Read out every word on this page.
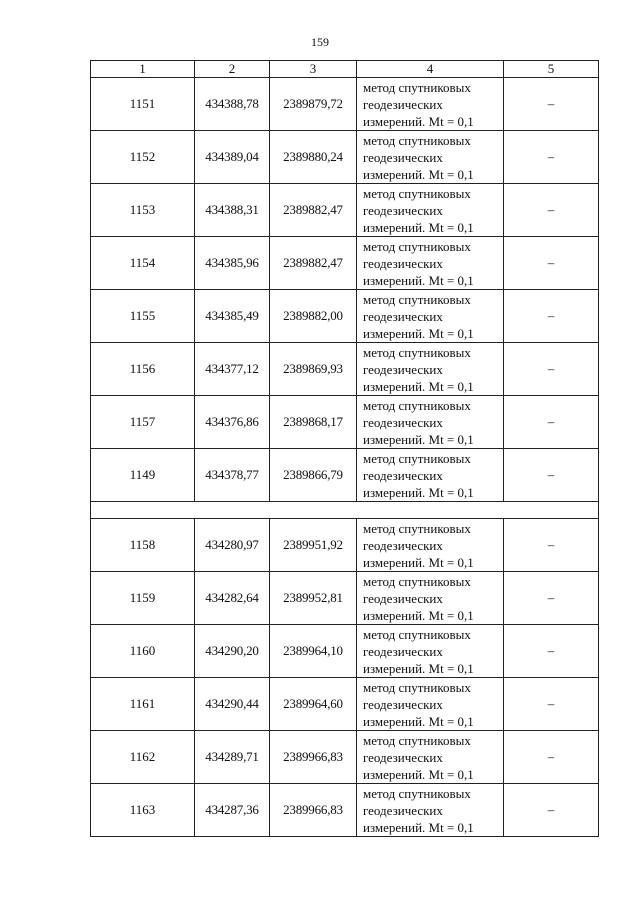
159
1	2	3	4	5
1151	434388,78	2389879,72	метод спутниковых
геодезических
измерений. Mt = 0,1	–
1152	434389,04	2389880,24	метод спутниковых
геодезических
измерений. Mt = 0,1	–
1153	434388,31	2389882,47	метод спутниковых
геодезических
измерений. Mt = 0,1	–
1154	434385,96	2389882,47	метод спутниковых
геодезических
измерений. Mt = 0,1	–
1155	434385,49	2389882,00	метод спутниковых
геодезических
измерений. Mt = 0,1	–
1156	434377,12	2389869,93	метод спутниковых
геодезических
измерений. Mt = 0,1	–
1157	434376,86	2389868,17	метод спутниковых
геодезических
измерений. Mt = 0,1	–
1149	434378,77	2389866,79	метод спутниковых
геодезических
измерений. Mt = 0,1	–

1158	434280,97	2389951,92	метод спутниковых
геодезических
измерений. Mt = 0,1	–
1159	434282,64	2389952,81	метод спутниковых
геодезических
измерений. Mt = 0,1	–
1160	434290,20	2389964,10	метод спутниковых
геодезических
измерений. Mt = 0,1	–
1161	434290,44	2389964,60	метод спутниковых
геодезических
измерений. Mt = 0,1	–
1162	434289,71	2389966,83	метод спутниковых
геодезических
измерений. Mt = 0,1	–
1163	434287,36	2389966,83	метод спутниковых
геодезических
измерений. Mt = 0,1	–
